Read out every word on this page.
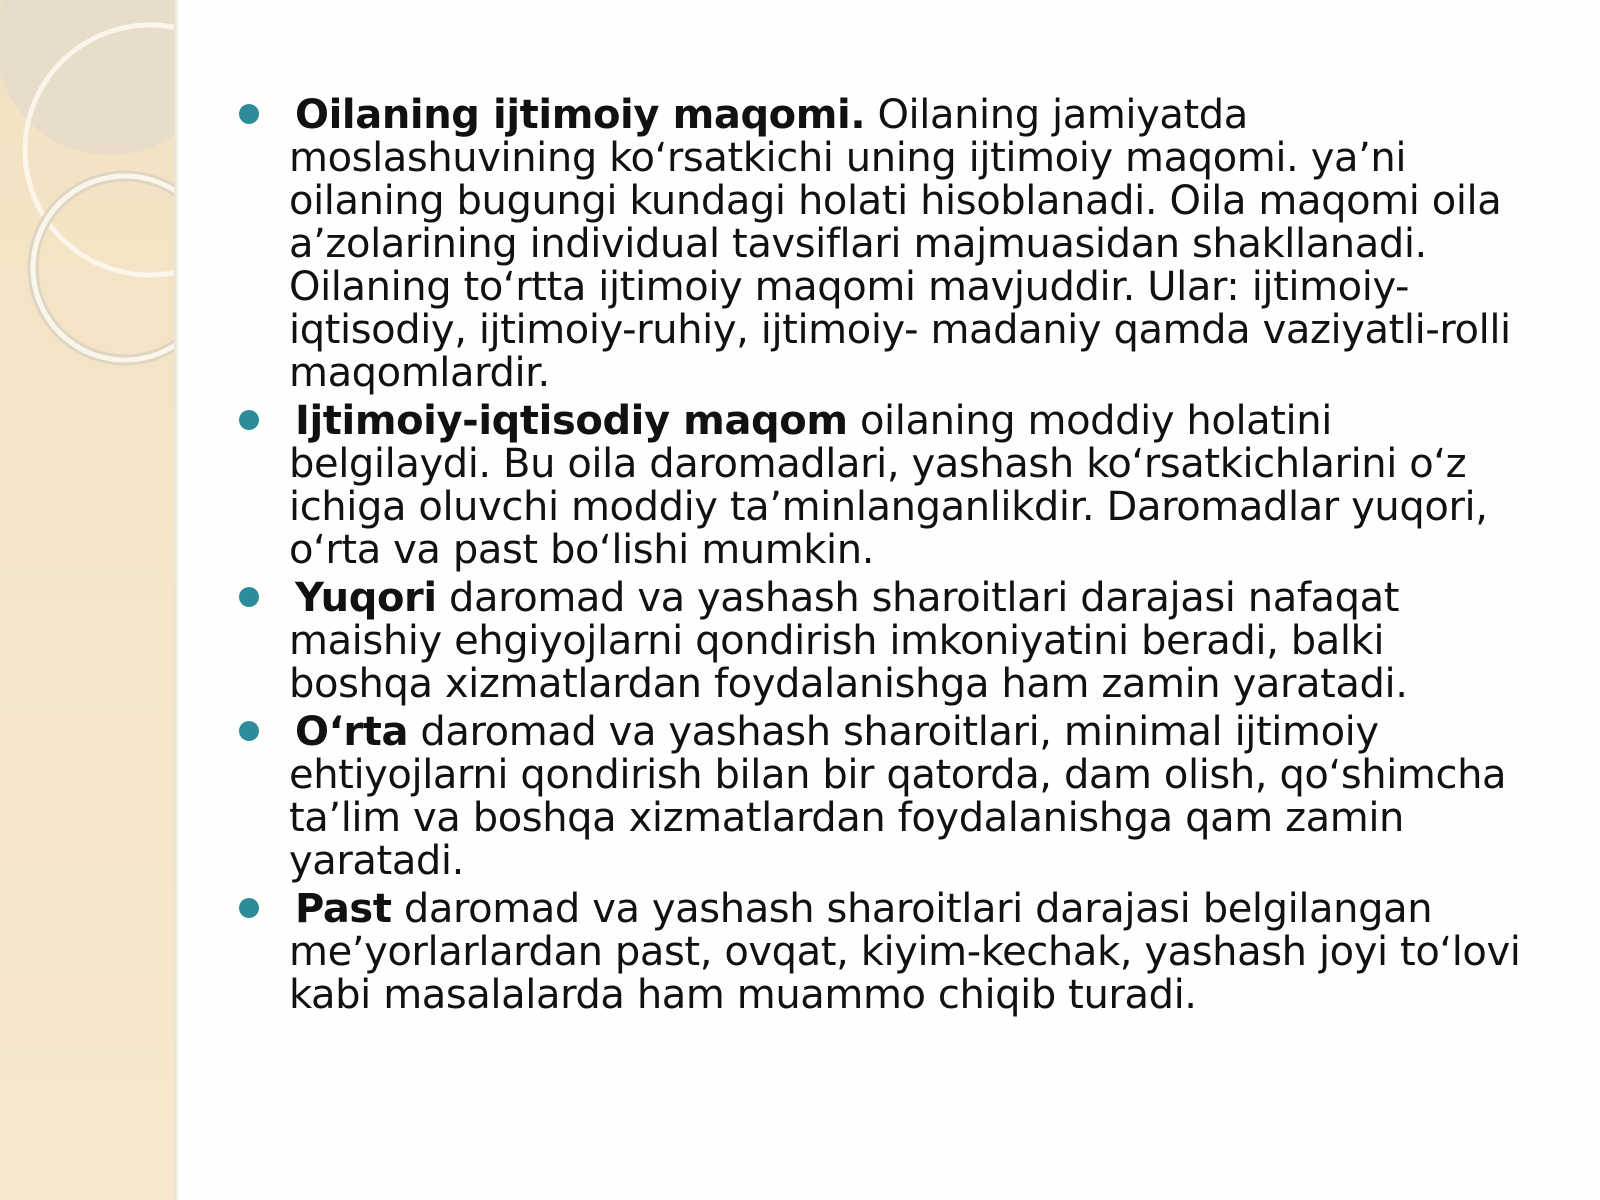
Oilaning ijtimoiy maqomi. Oilaning jamiyatda moslashuvining koʻrsatkichi uning ijtimoiy maqomi. yaʼni oilaning bugungi kundagi holati hisoblanadi. Oila maqomi oila aʼzolarining individual tavsiflari majmuasidan shakllanadi. Oilaning toʻrtta ijtimoiy maqomi mavjuddir. Ular: ijtimoiy-iqtisodiy, ijtimoiy-ruhiy, ijtimoiy- madaniy qamda vaziyatli-rolli maqomlardir.
Ijtimoiy-iqtisodiy maqom oilaning moddiy holatini belgilaydi. Bu oila daromadlari, yashash koʻrsatkichlarini oʻz ichiga oluvchi moddiy taʼminlanganlikdir. Daromadlar yuqori, oʻrta va past boʻlishi mumkin.
Yuqori daromad va yashash sharoitlari darajasi nafaqat maishiy ehgiyojlarni qondirish imkoniyatini beradi, balki boshqa xizmatlardan foydalanishga ham zamin yaratadi.
Oʻrta daromad va yashash sharoitlari, minimal ijtimoiy ehtiyojlarni qondirish bilan bir qatorda, dam olish, qoʻshimcha taʼlim va boshqa xizmatlardan foydalanishga qam zamin yaratadi.
Past daromad va yashash sharoitlari darajasi belgilangan meʼyorlarlardan past, ovqat, kiyim-kechak, yashash joyi toʻlovi kabi masalalarda ham muammo chiqib turadi.
